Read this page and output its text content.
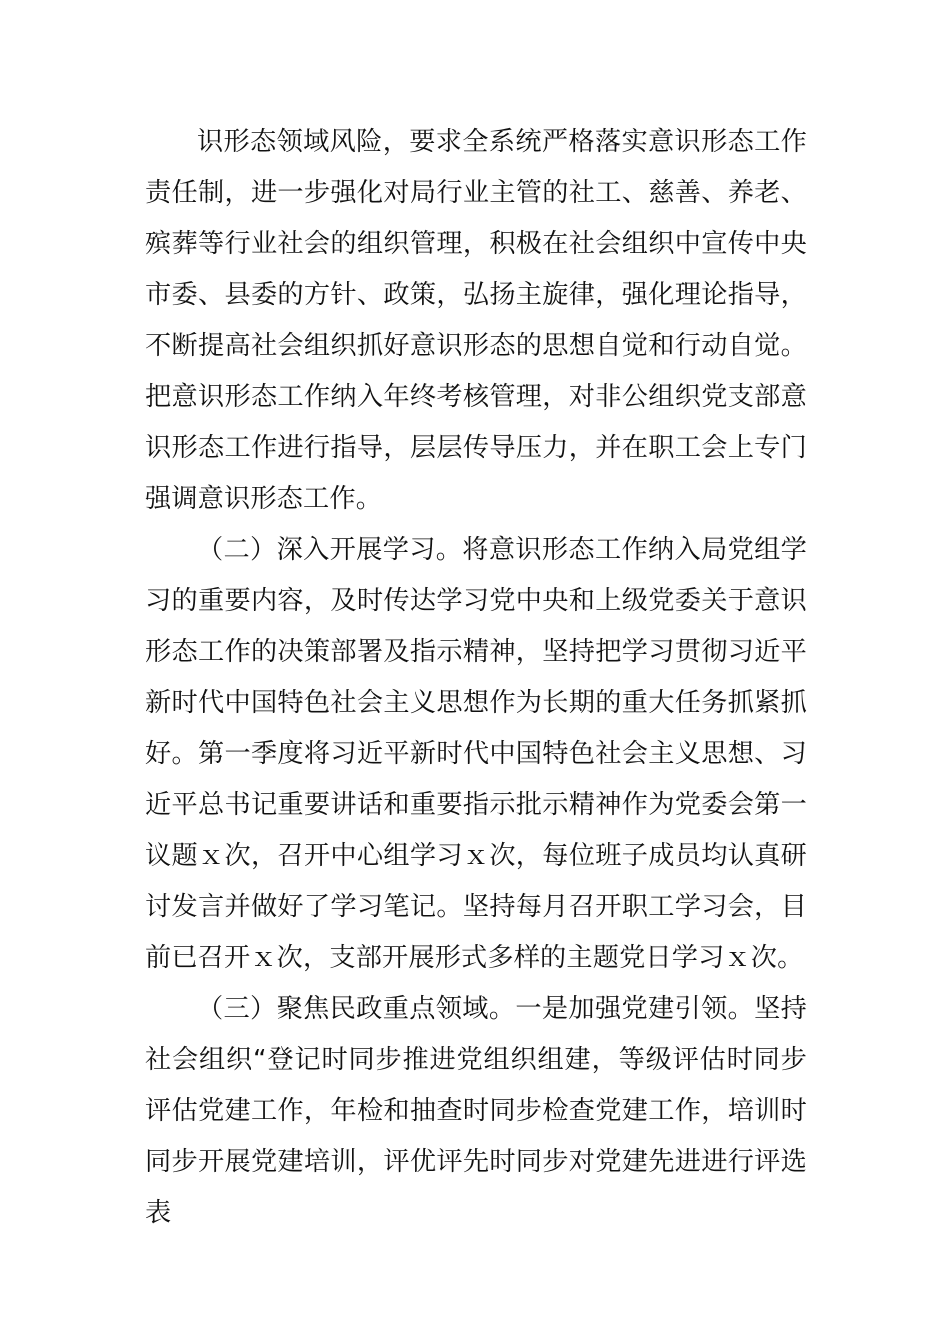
识形态领域风险，要求全系统严格落实意识形态工作责任制，进一步强化对局行业主管的社工、慈善、养老、殡葬等行业社会的组织管理，积极在社会组织中宣传中央市委、县委的方针、政策，弘扬主旋律，强化理论指导，不断提高社会组织抓好意识形态的思想自觉和行动自觉。把意识形态工作纳入年终考核管理，对非公组织党支部意识形态工作进行指导，层层传导压力，并在职工会上专门强调意识形态工作。

（二）深入开展学习。将意识形态工作纳入局党组学习的重要内容，及时传达学习党中央和上级党委关于意识形态工作的决策部署及指示精神，坚持把学习贯彻习近平新时代中国特色社会主义思想作为长期的重大任务抓紧抓好。第一季度将习近平新时代中国特色社会主义思想、习近平总书记重要讲话和重要指示批示精神作为党委会第一议题ｘ次，召开中心组学习ｘ次，每位班子成员均认真研讨发言并做好了学习笔记。坚持每月召开职工学习会，目前已召开ｘ次，支部开展形式多样的主题党日学习ｘ次。

（三）聚焦民政重点领域。一是加强党建引领。坚持社会组织“登记时同步推进党组织组建，等级评估时同步评估党建工作，年检和抽查时同步检查党建工作，培训时同步开展党建培训，评优评先时同步对党建先进进行评选表
